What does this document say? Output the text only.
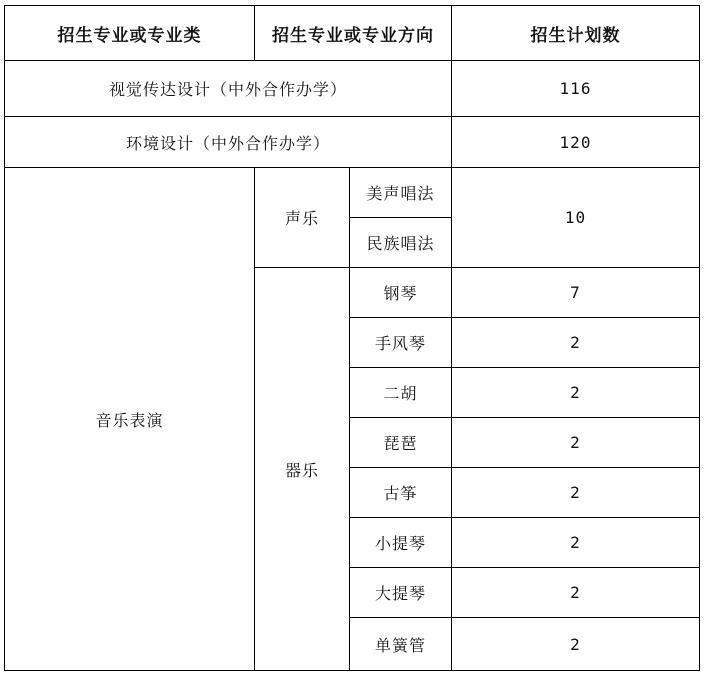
招生专业或专业类	招生专业或专业方向		招生计划数
视觉传达设计（中外合作办学）			116
环境设计（中外合作办学）			120
音乐表演	声乐	美声唱法	10
		民族唱法	
	器乐	钢琴	7
		手风琴	2
		二胡	2
		琵琶	2
		古筝	2
		小提琴	2
		大提琴	2
		单簧管	2
